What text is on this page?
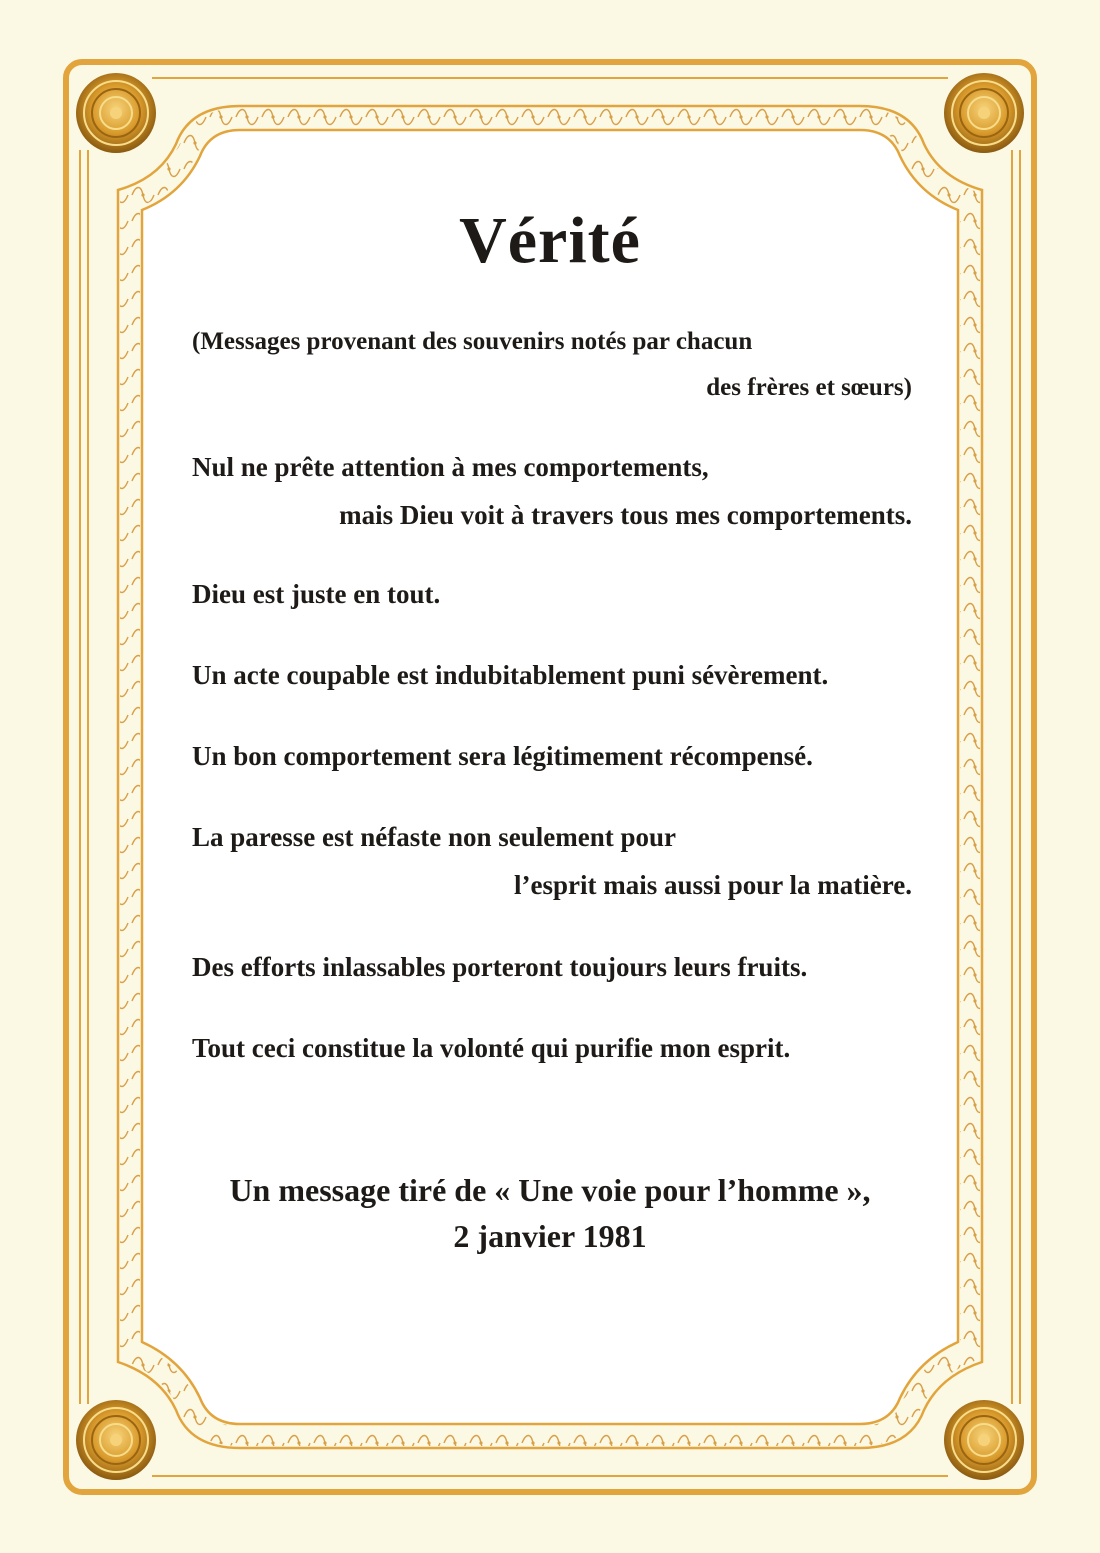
Vérité

(Messages provenant des souvenirs notés par chacun

des frères et sœurs)

Nul ne prête attention à mes comportements,

mais Dieu voit à travers tous mes comportements.

Dieu est juste en tout.

Un acte coupable est indubitablement puni sévèrement.

Un bon comportement sera légitimement récompensé.

La paresse est néfaste non seulement pour

l’esprit mais aussi pour la matière.

Des efforts inlassables porteront toujours leurs fruits.

Tout ceci constitue la volonté qui purifie mon esprit.

Un message tiré de « Une voie pour l’homme »,

2 janvier 1981
